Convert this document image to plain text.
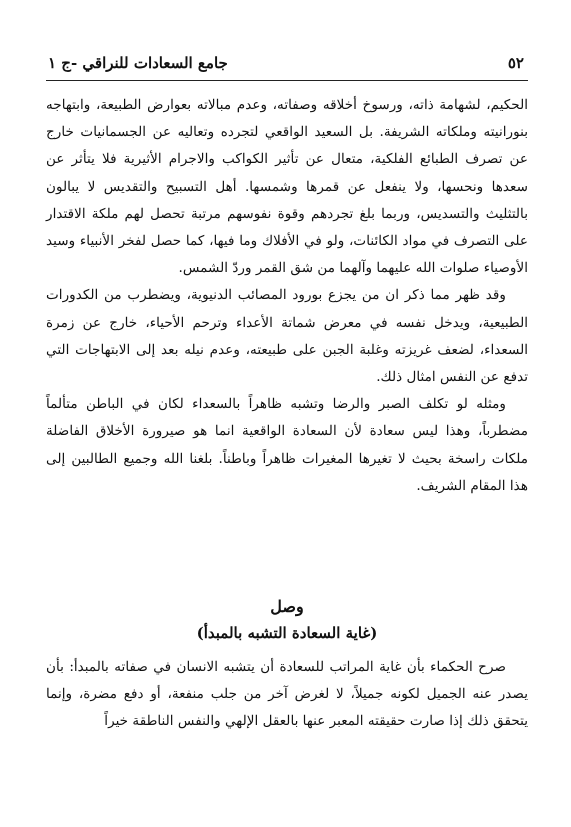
٥٢
جامع السعادات للنراقي -ج ١

الحكيم، لشهامة ذاته، ورسوخ أخلاقه وصفاته، وعدم مبالاته بعوارض الطبيعة، وابتهاجه بنورانيته وملكاته الشريفة. بل السعيد الواقعي لتجرده وتعاليه عن الجسمانيات خارج عن تصرف الطبائع الفلكية، متعال عن تأثير الكواكب والاجرام الأثيرية فلا يتأثر عن سعدها ونحسها، ولا ينفعل عن قمرها وشمسها. أهل التسبيح والتقديس لا يبالون بالتثليث والتسديس، وربما بلغ تجردهم وقوة نفوسهم مرتبة تحصل لهم ملكة الاقتدار على التصرف في مواد الكائنات، ولو في الأفلاك وما فيها، كما حصل لفخر الأنبياء وسيد الأوصياء صلوات الله عليهما وآلهما من شق القمر وردّ الشمس.

وقد ظهر مما ذكر ان من يجزع بورود المصائب الدنيوية، ويضطرب من الكدورات الطبيعية، ويدخل نفسه في معرض شماتة الأعداء وترحم الأحياء، خارج عن زمرة السعداء، لضعف غريزته وغلبة الجبن على طبيعته، وعدم نيله بعد إلى الابتهاجات التي تدفع عن النفس امثال ذلك.

ومثله لو تكلف الصبر والرضا وتشبه ظاهراً بالسعداء لكان في الباطن متألماً مضطرباً، وهذا ليس سعادة لأن السعادة الواقعية انما هو صيرورة الأخلاق الفاضلة ملكات راسخة بحيث لا تغيرها المغيرات ظاهراً وباطناً. بلغنا الله وجميع الطالبين إلى هذا المقام الشريف.

وصل
(غاية السعادة التشبه بالمبدأ)

صرح الحكماء بأن غاية المراتب للسعادة أن يتشبه الانسان في صفاته بالمبدأ: بأن يصدر عنه الجميل لكونه جميلاً، لا لغرض آخر من جلب منفعة، أو دفع مضرة، وإنما يتحقق ذلك إذا صارت حقيقته المعبر عنها بالعقل الإلهي والنفس الناطقة خيراً
